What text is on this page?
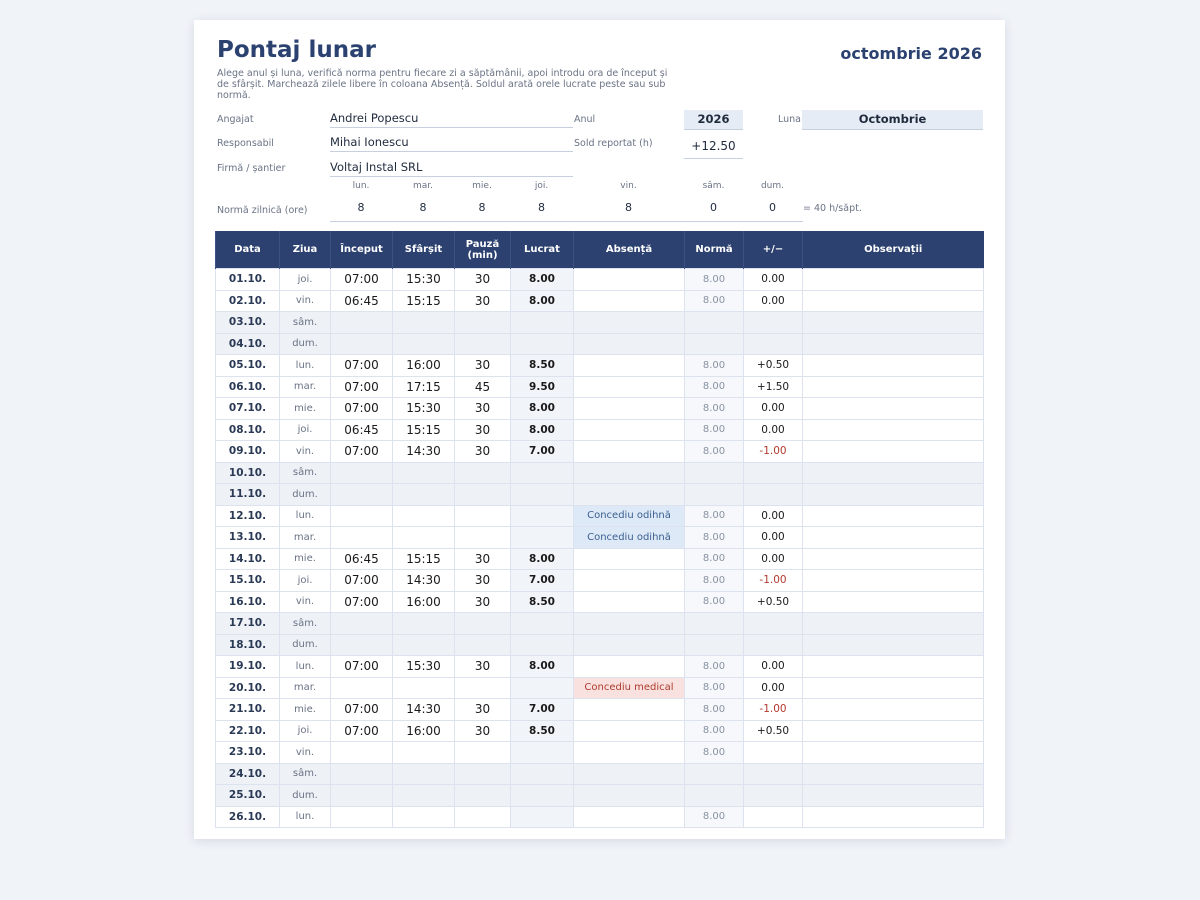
Pontaj lunar	octombrie 2026
Alege anul și luna, verifică norma pentru fiecare zi a săptămânii, apoi introdu ora de început și de sfârșit. Marchează zilele libere în coloana Absență. Soldul arată orele lucrate peste sau sub normă.
Angajat	Andrei Popescu
Responsabil	Mihai Ionescu
Firmă / șantier	Voltaj Instal SRL
Anul	2026	Luna	Octombrie
Sold reportat (h)	+12.50
lun.	mar.	mie.	joi.	vin.	sâm.	dum.
Normă zilnică (ore)	8	8	8	8	8	0	0	= 40 h/săpt.
Data	Ziua	Început	Sfârșit	Pauză (min)	Lucrat	Absență	Normă	+/−	Observații
01.10.	joi.	07:00	15:30	30	8.00		8.00	0.00	
02.10.	vin.	06:45	15:15	30	8.00		8.00	0.00	
03.10.	sâm.								
04.10.	dum.								
05.10.	lun.	07:00	16:00	30	8.50		8.00	+0.50	
06.10.	mar.	07:00	17:15	45	9.50		8.00	+1.50	
07.10.	mie.	07:00	15:30	30	8.00		8.00	0.00	
08.10.	joi.	06:45	15:15	30	8.00		8.00	0.00	
09.10.	vin.	07:00	14:30	30	7.00		8.00	-1.00	
10.10.	sâm.								
11.10.	dum.								
12.10.	lun.					Concediu odihnă	8.00	0.00	
13.10.	mar.					Concediu odihnă	8.00	0.00	
14.10.	mie.	06:45	15:15	30	8.00		8.00	0.00	
15.10.	joi.	07:00	14:30	30	7.00		8.00	-1.00	
16.10.	vin.	07:00	16:00	30	8.50		8.00	+0.50	
17.10.	sâm.								
18.10.	dum.								
19.10.	lun.	07:00	15:30	30	8.00		8.00	0.00	
20.10.	mar.					Concediu medical	8.00	0.00	
21.10.	mie.	07:00	14:30	30	7.00		8.00	-1.00	
22.10.	joi.	07:00	16:00	30	8.50		8.00	+0.50	
23.10.	vin.						8.00		
24.10.	sâm.								
25.10.	dum.								
26.10.	lun.						8.00		
